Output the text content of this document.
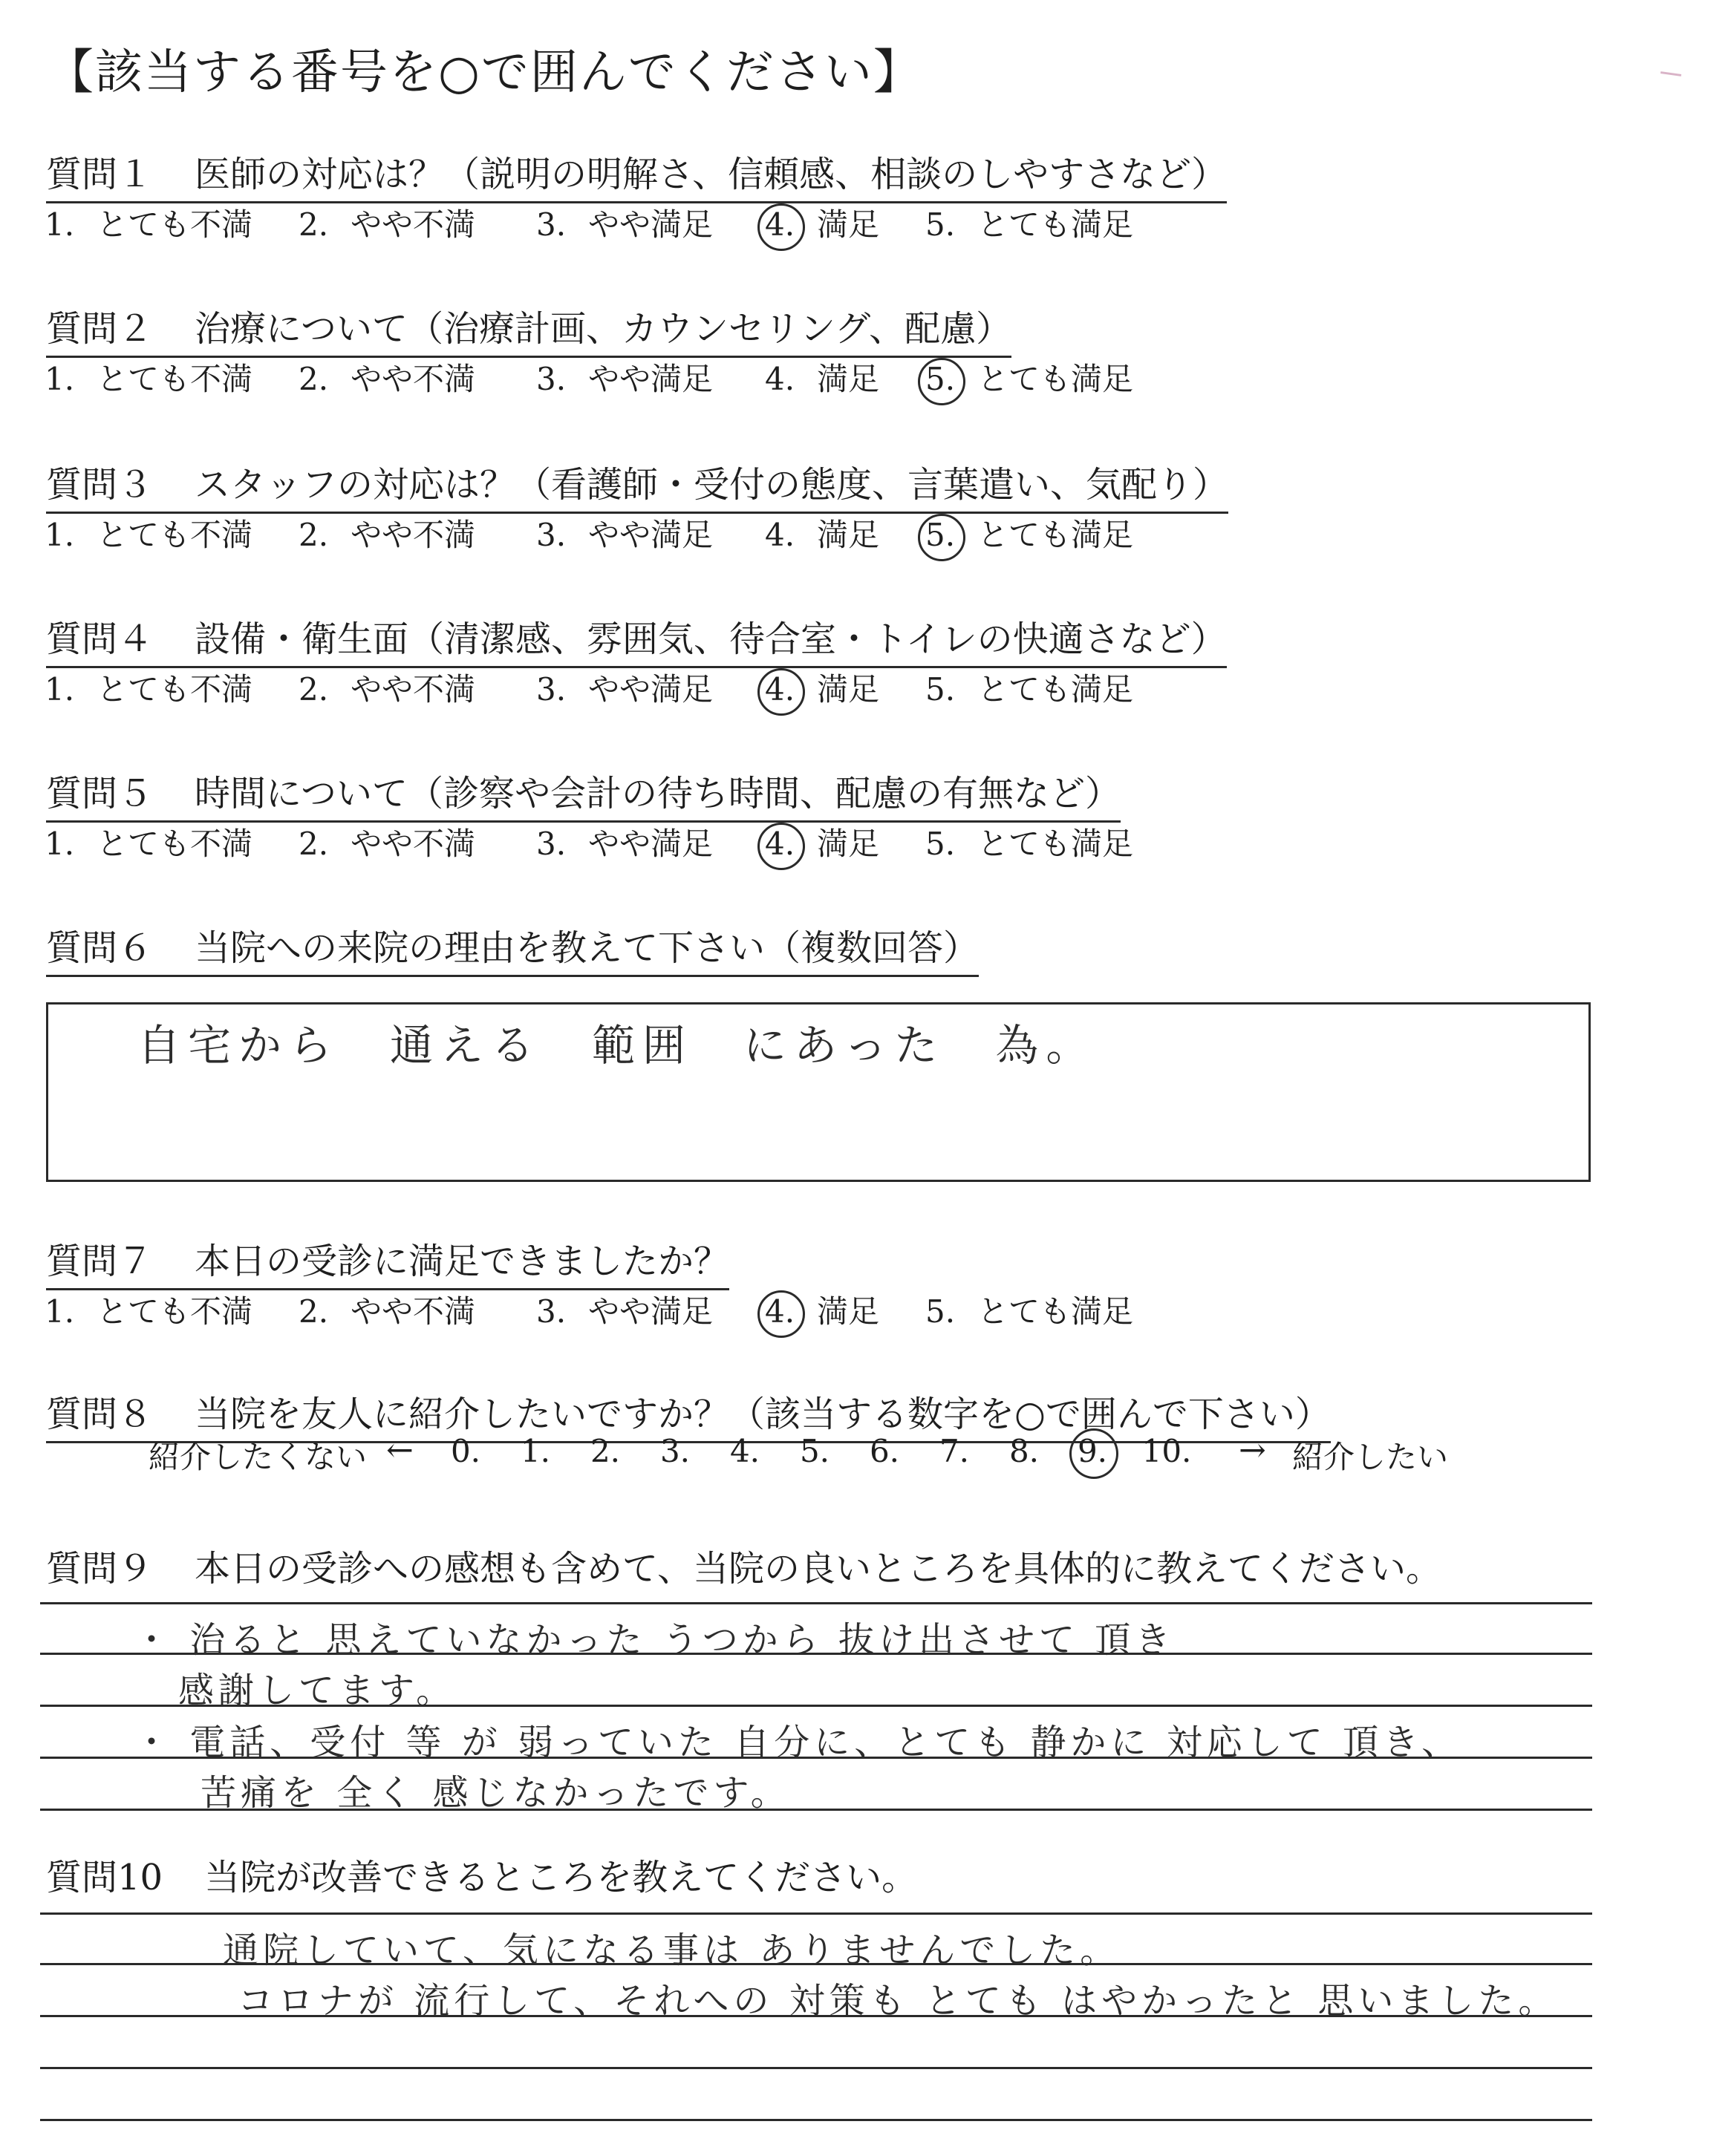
【該当する番号を○で囲んでください】
質問１ 医師の対応は？（説明の明解さ、信頼感、相談のしやすさなど）
1. とても不満 2. やや不満 3. やや満足 4. 満足 5. とても満足
質問２ 治療について（治療計画、カウンセリング、配慮）
1. とても不満 2. やや不満 3. やや満足 4. 満足 5. とても満足
質問３ スタッフの対応は？（看護師・受付の態度、言葉遣い、気配り）
1. とても不満 2. やや不満 3. やや満足 4. 満足 5. とても満足
質問４ 設備・衛生面（清潔感、雰囲気、待合室・トイレの快適さなど）
1. とても不満 2. やや不満 3. やや満足 4. 満足 5. とても満足
質問５ 時間について（診察や会計の待ち時間、配慮の有無など）
1. とても不満 2. やや不満 3. やや満足 4. 満足 5. とても満足
質問６ 当院への来院の理由を教えて下さい（複数回答）
自宅から　通える　範囲　にあった　為。
質問７ 本日の受診に満足できましたか？
1. とても不満 2. やや不満 3. やや満足 4. 満足 5. とても満足
質問８ 当院を友人に紹介したいですか？（該当する数字を○で囲んで下さい）
紹介したくない ←	→ 紹介したい
0.	1.	2.	3.	4.	5.	6.	7.	8.	9.	10.
質問９ 本日の受診への感想も含めて、当院の良いところを具体的に教えてください。
・ 治ると 思えていなかった うつから 抜け出させて 頂き
感謝してます。
・ 電話、受付 等 が 弱っていた 自分に、とても 静かに 対応して 頂き、
苦痛を 全く 感じなかったです。
質問10 当院が改善できるところを教えてください。
通院していて、気になる事は ありませんでした。
コロナが 流行して、それへの 対策も とても はやかったと 思いました。
